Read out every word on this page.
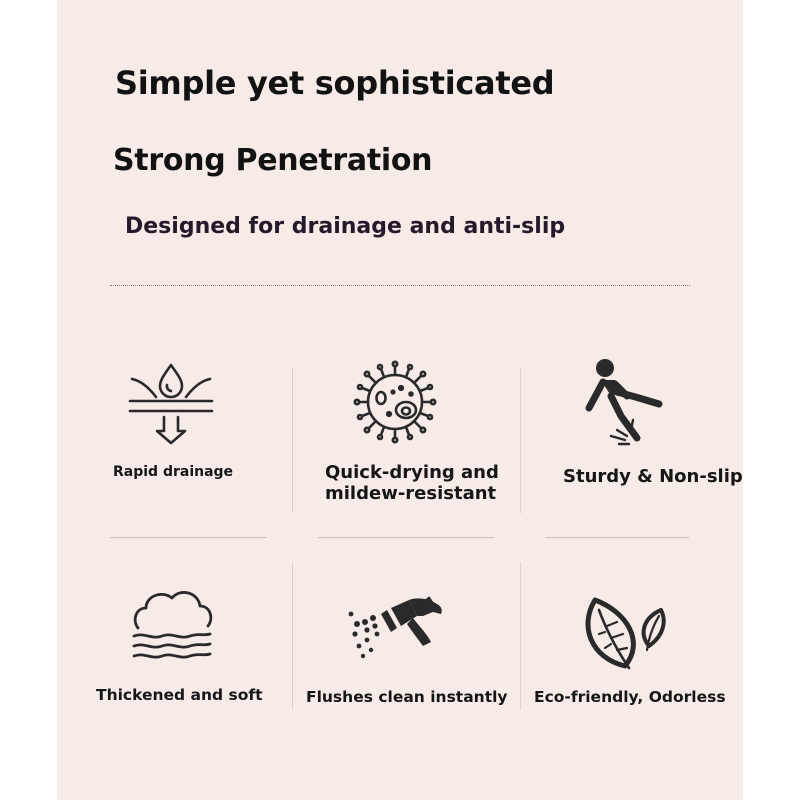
Simple yet sophisticated
Strong Penetration

Designed for drainage and anti-slip

Rapid drainage	Quick-drying and
mildew-resistant
Sturdy & Non-slip
Thickened and soft	Flushes clean instantly Eco-friendly, Odorless
